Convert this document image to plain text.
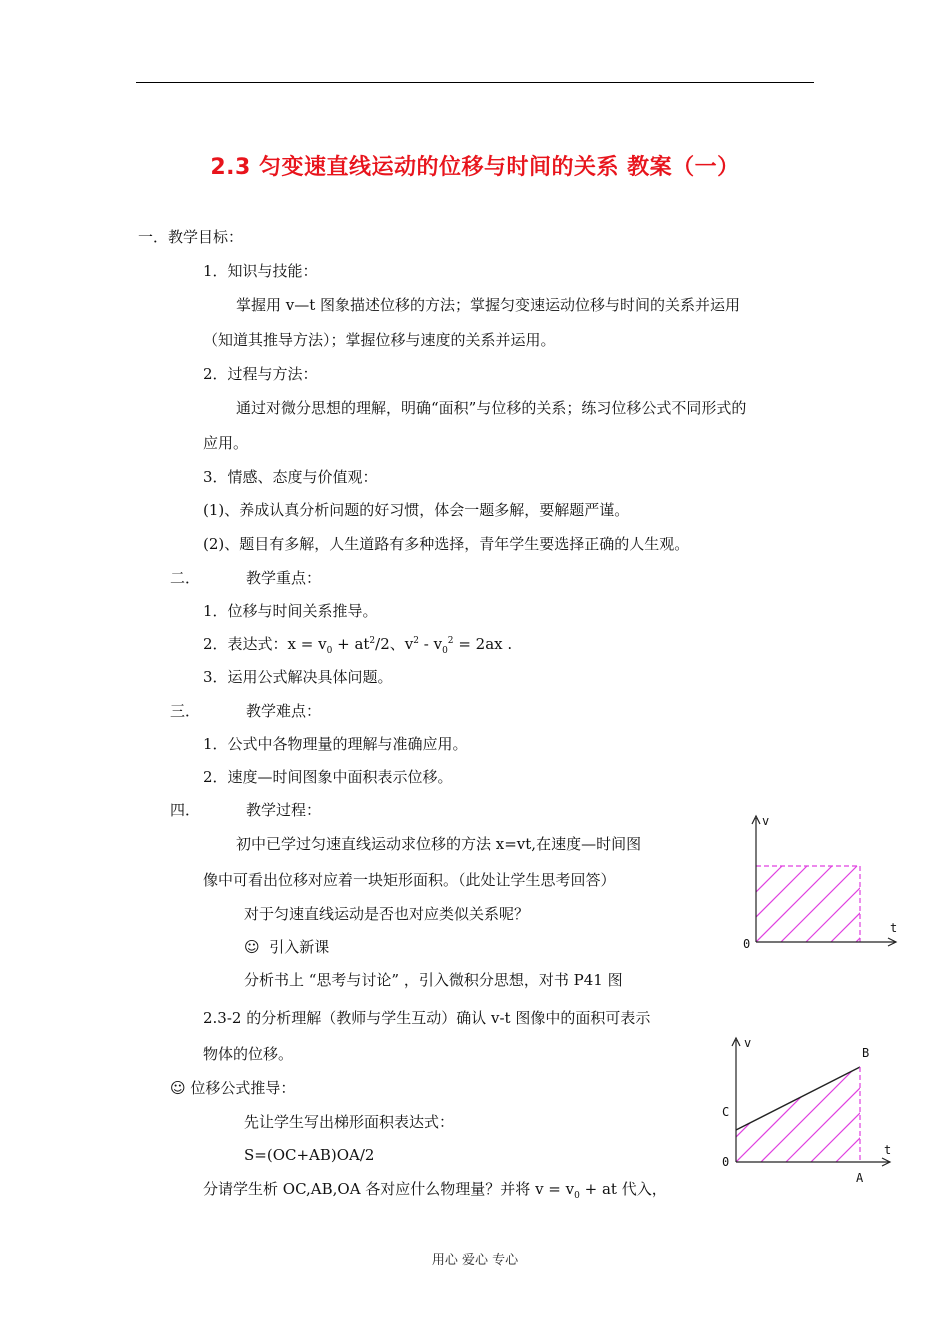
2.3 匀变速直线运动的位移与时间的关系 教案（一）
一．教学目标：
1．知识与技能：
掌握用 v—t 图象描述位移的方法；掌握匀变速运动位移与时间的关系并运用
（知道其推导方法）；掌握位移与速度的关系并运用。
2．过程与方法：
通过对微分思想的理解，明确“面积”与位移的关系；练习位移公式不同形式的
应用。
3．情感、态度与价值观：
(1)、养成认真分析问题的好习惯，体会一题多解，要解题严谨。
(2)、题目有多解，人生道路有多种选择，青年学生要选择正确的人生观。
二．	教学重点：
1．位移与时间关系推导。
2．表达式：$x = v_0 + at^2/2$、$v^2 - v_0^2 = 2ax$ .
3．运用公式解决具体问题。
三．	教学难点：
1．公式中各物理量的理解与准确应用。
2．速度—时间图象中面积表示位移。
四．	教学过程：
初中已学过匀速直线运动求位移的方法 x=vt,在速度—时间图
像中可看出位移对应着一块矩形面积。（此处让学生思考回答）
对于匀速直线运动是否也对应类似关系呢？
☺ 引入新课
分析书上 “思考与讨论” ，引入微积分思想，对书 P41 图
2.3-2 的分析理解（教师与学生互动）确认 v-t 图像中的面积可表示
物体的位移。
☺ 位移公式推导：
先让学生写出梯形面积表达式：
S=(OC+AB)OA/2
分请学生析 OC,AB,OA 各对应什么物理量？并将 $v = v_0$ + at 代入，
v
t
0
v
t
0
C
B
A
用心 爱心 专心
